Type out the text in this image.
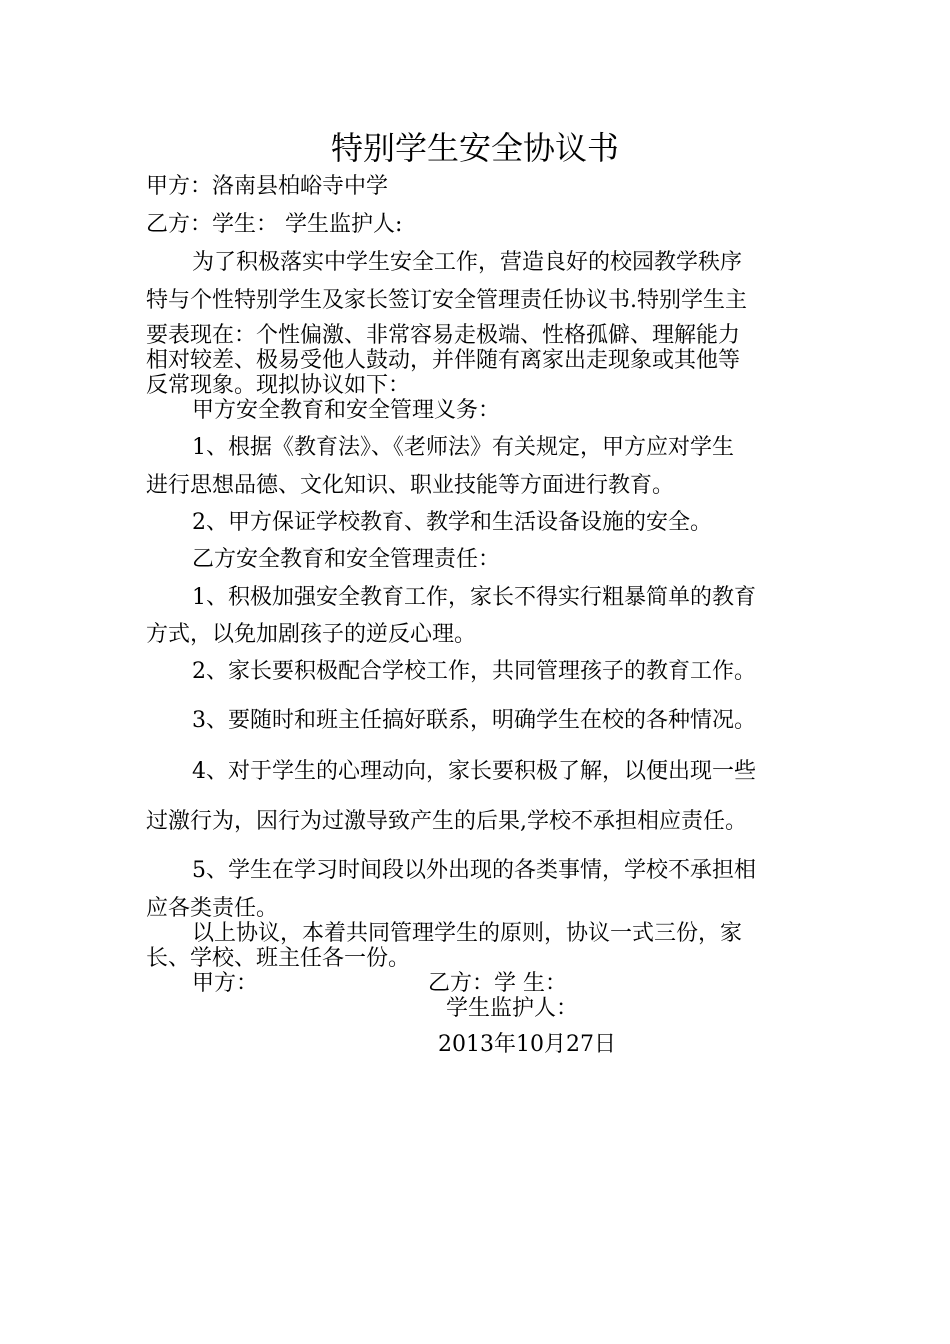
特别学生安全协议书
甲方：洛南县柏峪寺中学
乙方：学生： 学生监护人:
为了积极落实中学生安全工作，营造良好的校园教学秩序
特与个性特别学生及家长签订安全管理责任协议书.特别学生主
要表现在：个性偏激、非常容易走极端、性格孤僻、理解能力
相对较差、极易受他人鼓动，并伴随有离家出走现象或其他等
反常现象。现拟协议如下：
甲方安全教育和安全管理义务：
1、根据《教育法》、《老师法》有关规定，甲方应对学生
进行思想品德、文化知识、职业技能等方面进行教育。
2、甲方保证学校教育、教学和生活设备设施的安全。
乙方安全教育和安全管理责任：
1、积极加强安全教育工作，家长不得实行粗暴简单的教育
方式，以免加剧孩子的逆反心理。
2、家长要积极配合学校工作，共同管理孩子的教育工作。
3、要随时和班主任搞好联系，明确学生在校的各种情况。
4、对于学生的心理动向，家长要积极了解，以便出现一些
过激行为，因行为过激导致产生的后果,学校不承担相应责任。
5、学生在学习时间段以外出现的各类事情，学校不承担相
应各类责任。
以上协议，本着共同管理学生的原则，协议一式三份，家
长、学校、班主任各一份。
甲方：	乙方：学 生：
学生监护人：
2013年10月27日
